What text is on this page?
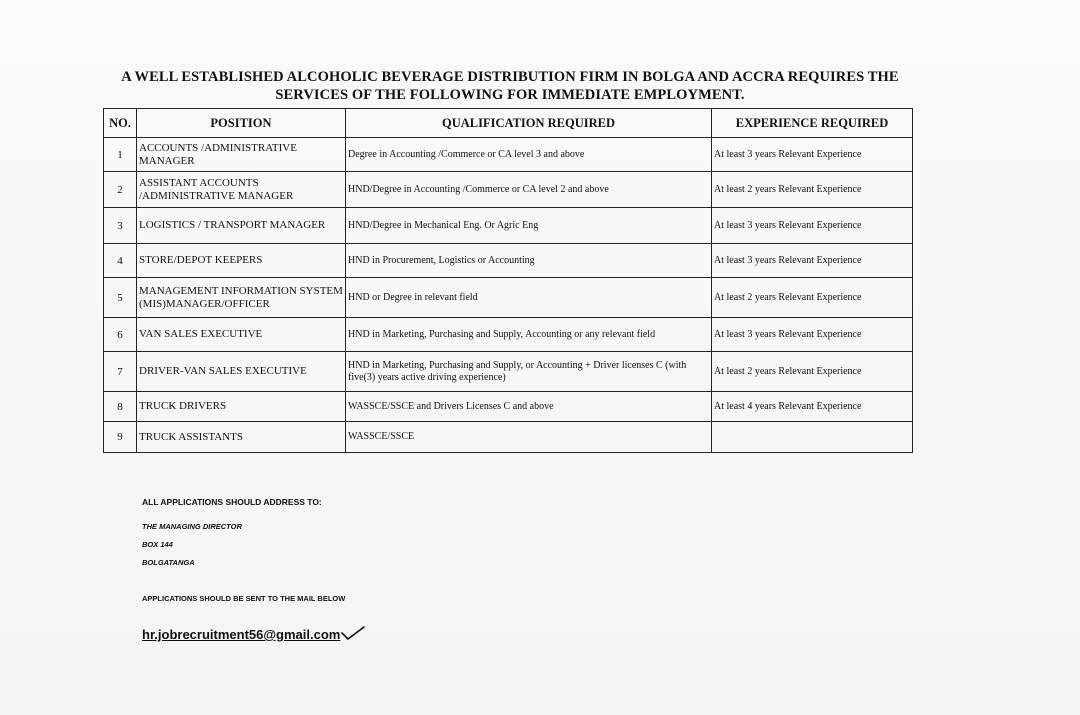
A WELL ESTABLISHED ALCOHOLIC BEVERAGE DISTRIBUTION FIRM IN BOLGA AND ACCRA REQUIRES THE
SERVICES OF THE FOLLOWING FOR IMMEDIATE EMPLOYMENT.
NO.	POSITION	QUALIFICATION REQUIRED	EXPERIENCE REQUIRED
1	ACCOUNTS /ADMINISTRATIVE MANAGER	Degree in Accounting /Commerce or CA level 3 and above	At least 3 years Relevant Experience
2	ASSISTANT ACCOUNTS /ADMINISTRATIVE MANAGER	HND/Degree in Accounting /Commerce or CA level 2 and above	At least 2 years Relevant Experience
3	LOGISTICS / TRANSPORT MANAGER	HND/Degree in Mechanical Eng. Or Agric Eng	At least 3 years Relevant Experience
4	STORE/DEPOT KEEPERS	HND in Procurement, Logistics or Accounting	At least 3 years Relevant Experience
5	MANAGEMENT INFORMATION SYSTEM (MIS)MANAGER/OFFICER	HND or Degree in relevant field	At least 2 years Relevant Experience
6	VAN SALES EXECUTIVE	HND in Marketing, Purchasing and Supply, Accounting or any relevant field	At least 3 years Relevant Experience
7	DRIVER-VAN SALES EXECUTIVE	HND in Marketing, Purchasing and Supply, or Accounting + Driver licenses C (with five(3) years active driving experience)	At least 2 years Relevant Experience
8	TRUCK DRIVERS	WASSCE/SSCE and Drivers Licenses C and above	At least 4 years Relevant Experience
9	TRUCK ASSISTANTS	WASSCE/SSCE	
ALL APPLICATIONS SHOULD ADDRESS TO:
THE MANAGING DIRECTOR
BOX 144
BOLGATANGA
APPLICATIONS SHOULD BE SENT TO THE MAIL BELOW
hr.jobrecruitment56@gmail.com
